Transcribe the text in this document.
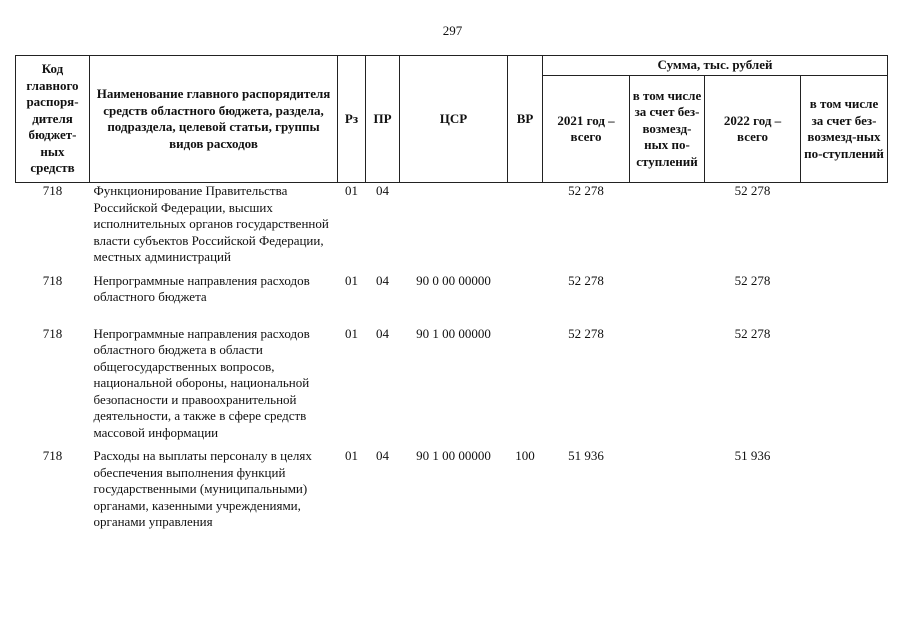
297
Код главного распоря-дителя бюджет-ных средств	Наименование главного распорядителя средств областного бюджета, раздела, подраздела, целевой статьи, группы видов расходов	Рз	ПР	ЦСР	ВР	Сумма, тыс. рублей			
						2021 год – всего	в том числе за счет без-возмезд-ных по-ступлений	2022 год – всего	в том числе за счет без-возмезд-ных по-ступлений
718	Функционирование Правительства Российской Федерации, высших исполнительных органов государственной власти субъектов Российской Федерации, местных администраций	01	04			52 278		52 278	

718	Непрограммные направления расходов областного бюджета	01	04	90 0 00 00000		52 278		52 278	

718	Непрограммные направления расходов областного бюджета в области общегосударственных вопросов, национальной обороны, национальной безопасности и правоохранительной деятельности, а также в сфере средств массовой информации	01	04	90 1 00 00000		52 278		52 278	

718	Расходы на выплаты персоналу в целях обеспечения выполнения функций государственными (муниципальными) органами, казенными учреждениями, органами управления	01	04	90 1 00 00000	100	51 936		51 936	
